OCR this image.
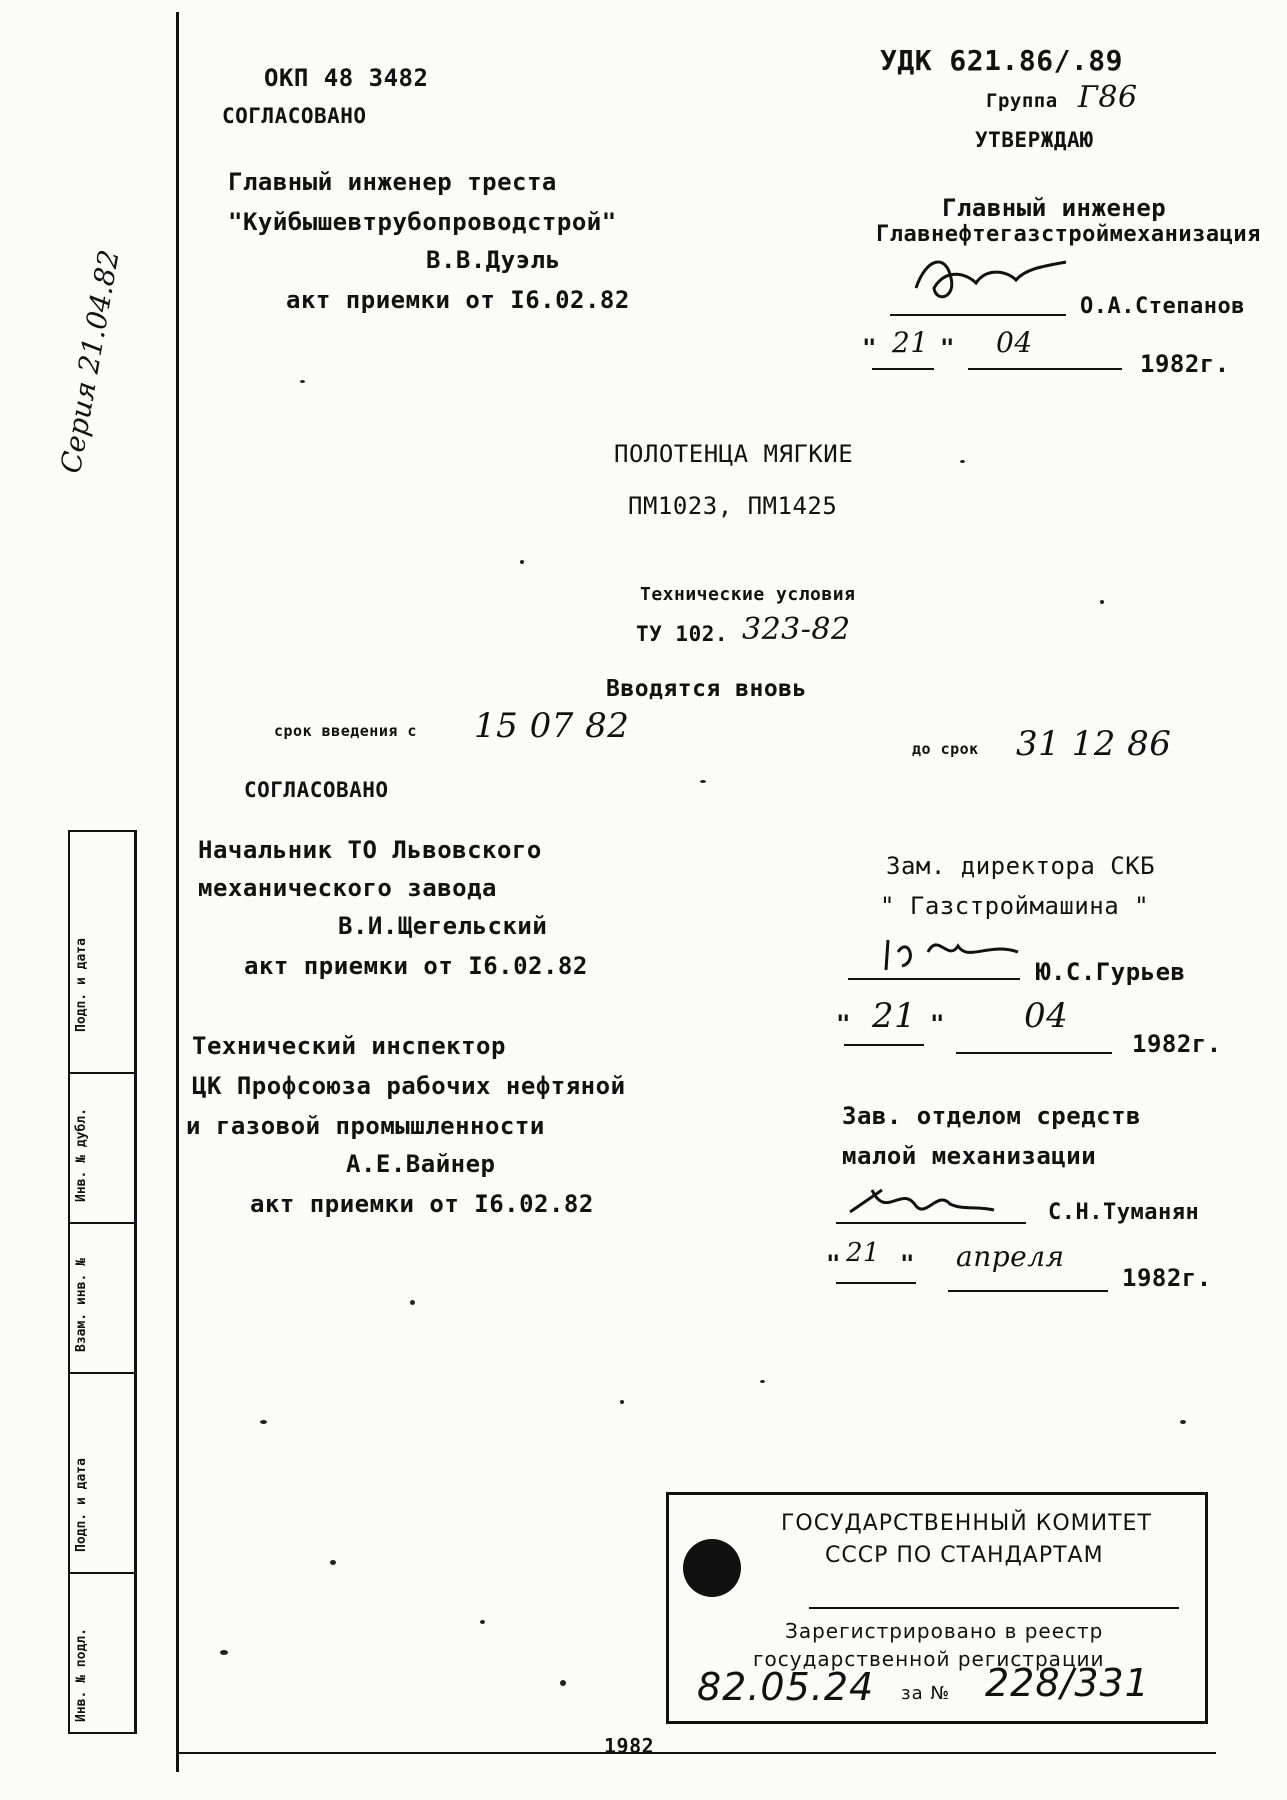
Серия 21.04.82
Подп. и дата
Инв. № дубл.
Взам. инв. №
Подп. и дата
Инв. № подл.
ОКП 48 3482
СОГЛАСОВАНО
УДК 621.86/.89
Группа Г86
УТВЕРЖДАЮ
Главный инженер треста
"Куйбышевтрубопроводстрой"
В.В.Дуэль
акт приемки от I6.02.82
Главный инженер
Главнефтегазстроймеханизация
О.А.Степанов
" 21 " 04
1982г.
ПОЛОТЕНЦА МЯГКИЕ
ПМ1023, ПМ1425
Технические условия
ТУ 102. 323-82
Вводятся вновь
срок введения с 15 07 82
до срок 31 12 86
СОГЛАСОВАНО
Начальник ТО Львовского
механического завода
В.И.Щегельский
акт приемки от I6.02.82
Технический инспектор
ЦК Профсоюза рабочих нефтяной
и газовой промышленности
А.Е.Вайнер
акт приемки от I6.02.82
Зам. директора СКБ
" Газстроймашина "
Ю.С.Гурьев
" 21 " 04
1982г.
Зав. отделом средств
малой механизации
С.Н.Туманян
" 21 " апреля
1982г.
ГОСУДАРСТВЕННЫЙ КОМИТЕТ
СССР ПО СТАНДАРТАМ
Зарегистрировано в реестр
государственной регистрации
82.05.24 за № 228/331
1982
